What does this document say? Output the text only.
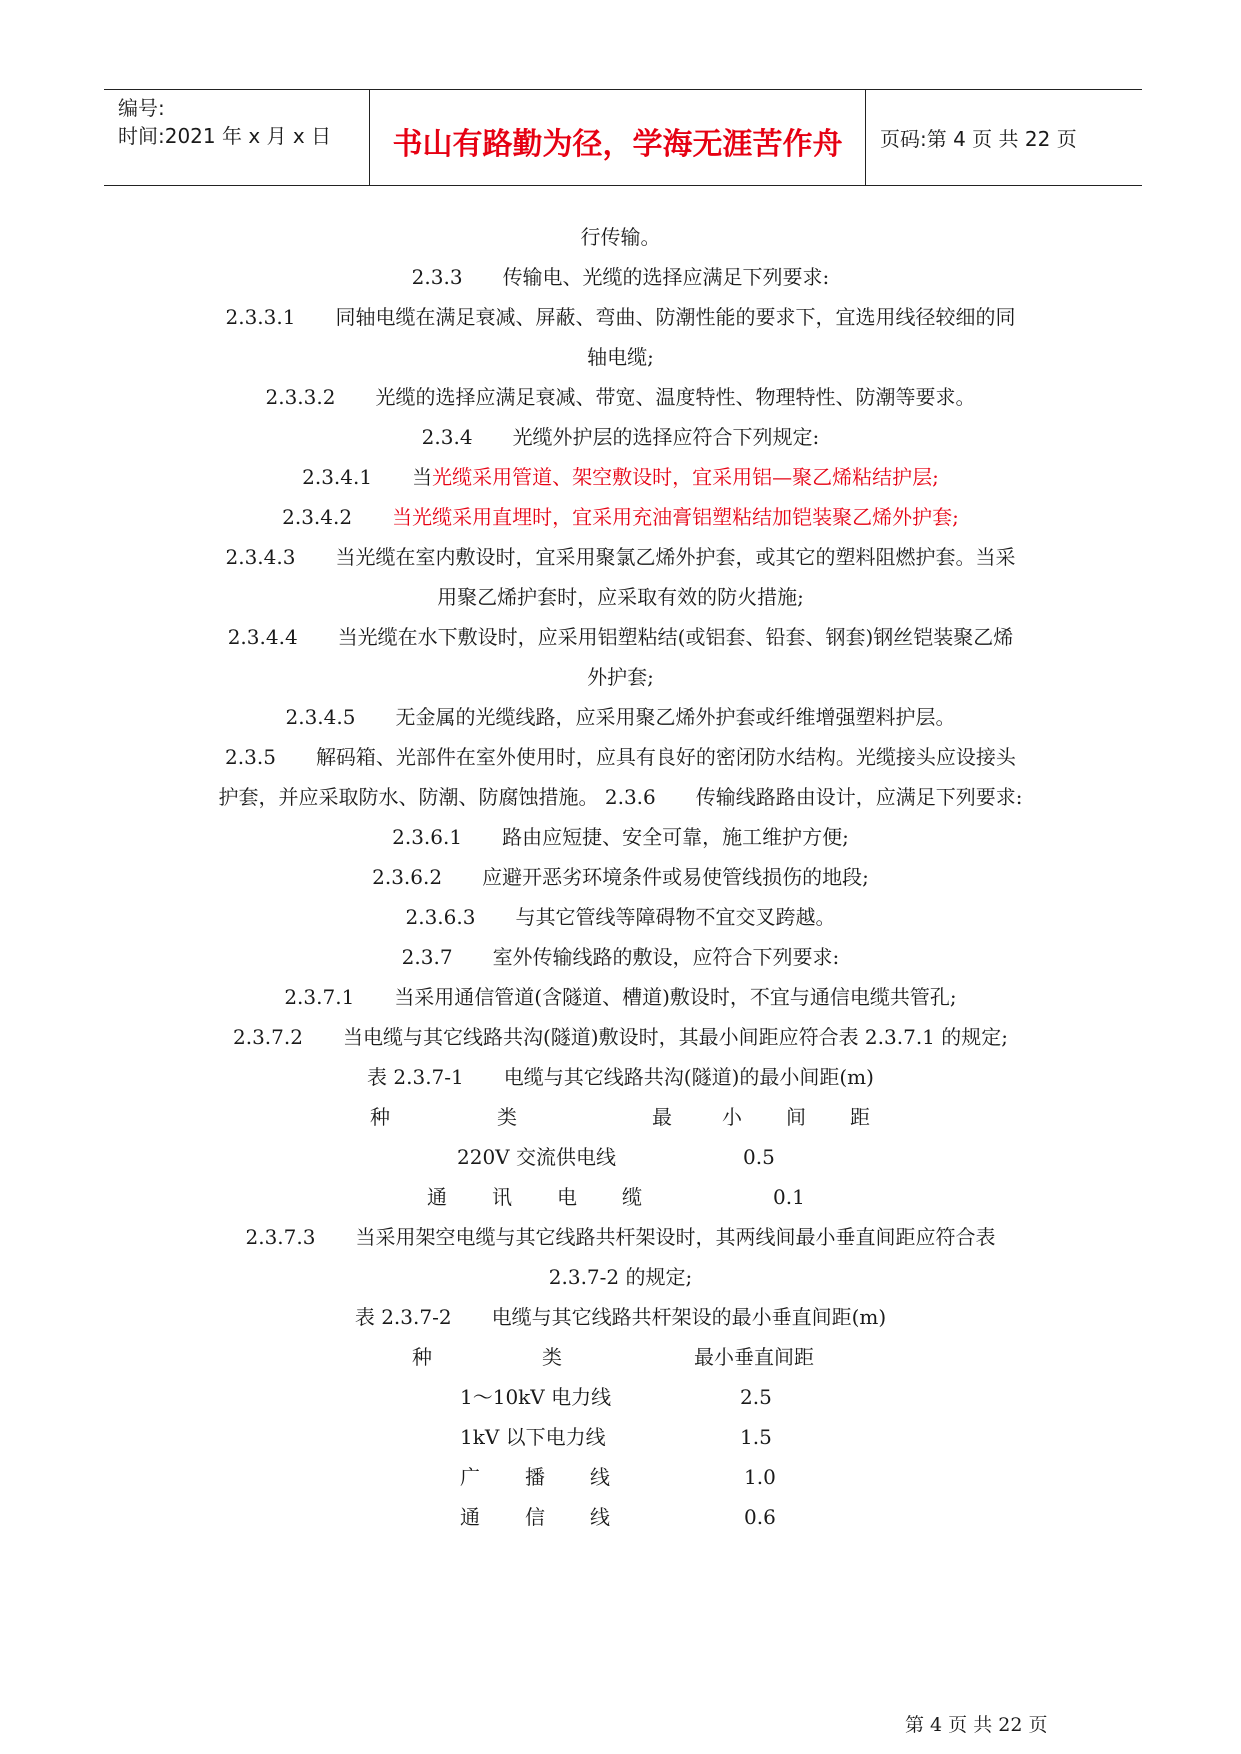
编号:
时间:2021 年 x 月 x 日	书山有路勤为径，学海无涯苦作舟	页码:第 4 页 共 22 页
行传输。
2.3.3 传输电、光缆的选择应满足下列要求:
2.3.3.1 同轴电缆在满足衰减、屏蔽、弯曲、防潮性能的要求下，宜选用线径较细的同
轴电缆;
2.3.3.2 光缆的选择应满足衰减、带宽、温度特性、物理特性、防潮等要求。
2.3.4 光缆外护层的选择应符合下列规定:
2.3.4.1 当光缆采用管道、架空敷设时，宜采用铝—聚乙烯粘结护层;
2.3.4.2 当光缆采用直埋时，宜采用充油膏铝塑粘结加铠装聚乙烯外护套;
2.3.4.3 当光缆在室内敷设时，宜采用聚氯乙烯外护套，或其它的塑料阻燃护套。当采
用聚乙烯护套时，应采取有效的防火措施;
2.3.4.4 当光缆在水下敷设时，应采用铝塑粘结(或铝套、铅套、钢套)钢丝铠装聚乙烯
外护套;
2.3.4.5 无金属的光缆线路，应采用聚乙烯外护套或纤维增强塑料护层。
2.3.5 解码箱、光部件在室外使用时，应具有良好的密闭防水结构。光缆接头应设接头
护套，并应采取防水、防潮、防腐蚀措施。 2.3.6 传输线路路由设计，应满足下列要求:
2.3.6.1 路由应短捷、安全可靠，施工维护方便;
2.3.6.2 应避开恶劣环境条件或易使管线损伤的地段;
2.3.6.3 与其它管线等障碍物不宜交叉跨越。
2.3.7 室外传输线路的敷设，应符合下列要求:
2.3.7.1 当采用通信管道(含隧道、槽道)敷设时，不宜与通信电缆共管孔;
2.3.7.2 当电缆与其它线路共沟(隧道)敷设时，其最小间距应符合表 2.3.7.1 的规定;
表 2.3.7-1 电缆与其它线路共沟(隧道)的最小间距(m)
种	类	最	小 间 距
220V 交流供电线	0.5
通 讯 电 缆	0.1
2.3.7.3 当采用架空电缆与其它线路共杆架设时，其两线间最小垂直间距应符合表
2.3.7-2 的规定;
表 2.3.7-2 电缆与其它线路共杆架设的最小垂直间距(m)
种	类	最小垂直间距
1～10kV 电力线	2.5
1kV 以下电力线	1.5
广 播 线	1.0
通 信 线	0.6
第 4 页 共 22 页
